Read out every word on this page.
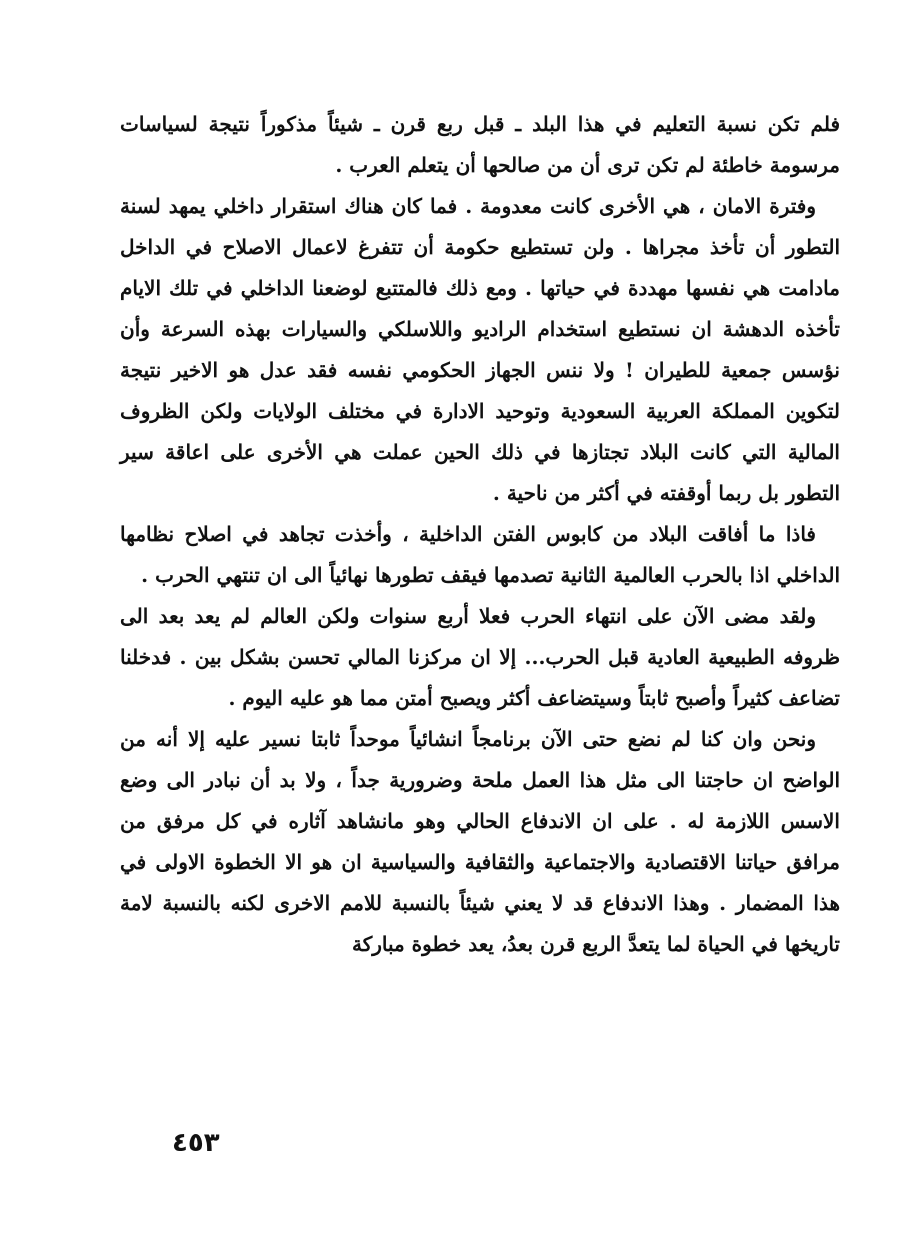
فلم تكن نسبة التعليم في هذا البلد ـ قبل ربع قرن ـ شيئاً مذكوراً نتيجة لسياسات مرسومة خاطئة لم تكن ترى أن من صالحها أن يتعلم العرب .

وفترة الامان ، هي الأخرى كانت معدومة . فما كان هناك استقرار داخلي يمهد لسنة التطور أن تأخذ مجراها . ولن تستطيع حكومة أن تتفرغ لاعمال الاصلاح في الداخل مادامت هي نفسها مهددة في حياتها . ومع ذلك فالمتتبع لوضعنا الداخلي في تلك الايام تأخذه الدهشة ان نستطيع استخدام الراديو واللاسلكي والسيارات بهذه السرعة وأن نؤسس جمعية للطيران ! ولا ننس الجهاز الحكومي نفسه فقد عدل هو الاخير نتيجة لتكوين المملكة العربية السعودية وتوحيد الادارة في مختلف الولايات ولكن الظروف المالية التي كانت البلاد تجتازها في ذلك الحين عملت هي الأخرى على اعاقة سير التطور بل ربما أوقفته في أكثر من ناحية .

فاذا ما أفاقت البلاد من كابوس الفتن الداخلية ، وأخذت تجاهد في اصلاح نظامها الداخلي اذا بالحرب العالمية الثانية تصدمها فيقف تطورها نهائياً الى ان تنتهي الحرب .

ولقد مضى الآن على انتهاء الحرب فعلا أربع سنوات ولكن العالم لم يعد بعد الى ظروفه الطبيعية العادية قبل الحرب... إلا ان مركزنا المالي تحسن بشكل بين . فدخلنا تضاعف كثيراً وأصبح ثابتاً وسيتضاعف أكثر ويصبح أمتن مما هو عليه اليوم .

ونحن وان كنا لم نضع حتى الآن برنامجاً انشائياً موحداً ثابتا نسير عليه إلا أنه من الواضح ان حاجتنا الى مثل هذا العمل ملحة وضرورية جداً ، ولا بد أن نبادر الى وضع الاسس اللازمة له . على ان الاندفاع الحالي وهو مانشاهد آثاره في كل مرفق من مرافق حياتنا الاقتصادية والاجتماعية والثقافية والسياسية ان هو الا الخطوة الاولى في هذا المضمار . وهذا الاندفاع قد لا يعني شيئاً بالنسبة للامم الاخرى لكنه بالنسبة لامة تاريخها في الحياة لما يتعدَّ الربع قرن بعدُ، يعد خطوة مباركة

٤٥٣
